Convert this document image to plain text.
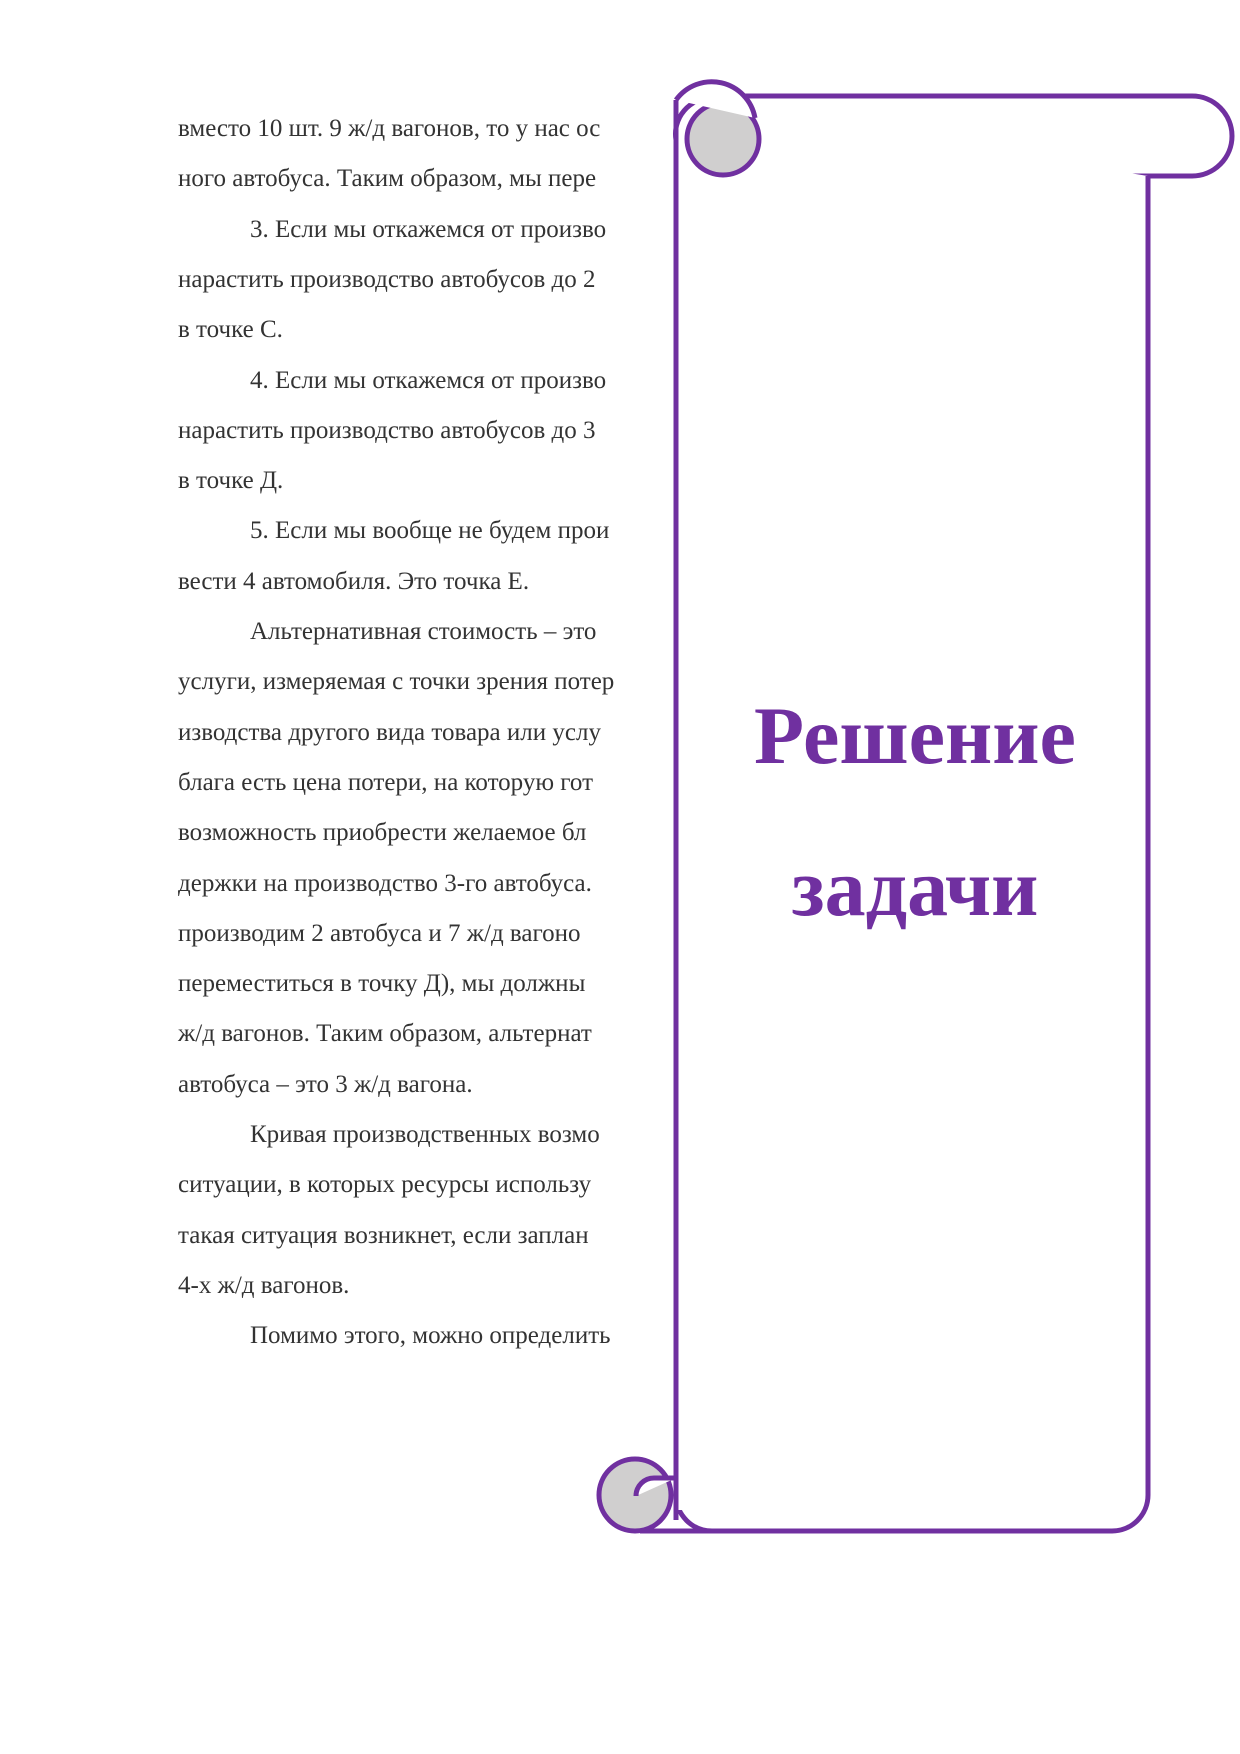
вместо 10 шт. 9 ж/д вагонов, то у нас ос
ного автобуса. Таким образом, мы пере
3. Если мы откажемся от произво
нарастить производство автобусов до 2
в точке С.
4. Если мы откажемся от произво
нарастить производство автобусов до 3
в точке Д.
5. Если мы вообще не будем прои
вести 4 автомобиля. Это точка Е.
Альтернативная стоимость – это
услуги, измеряемая с точки зрения потер
изводства другого вида товара или услу
блага есть цена потери, на которую гот
возможность приобрести желаемое бл
держки на производство 3-го автобуса.
производим 2 автобуса и 7 ж/д вагоно
переместиться в точку Д), мы должны
ж/д вагонов. Таким образом, альтернат
автобуса – это 3 ж/д вагона.
Кривая производственных возмо
ситуации, в которых ресурсы использу
такая ситуация возникнет, если заплан
4-х ж/д вагонов.
Помимо этого, можно определить
Решение
задачи
